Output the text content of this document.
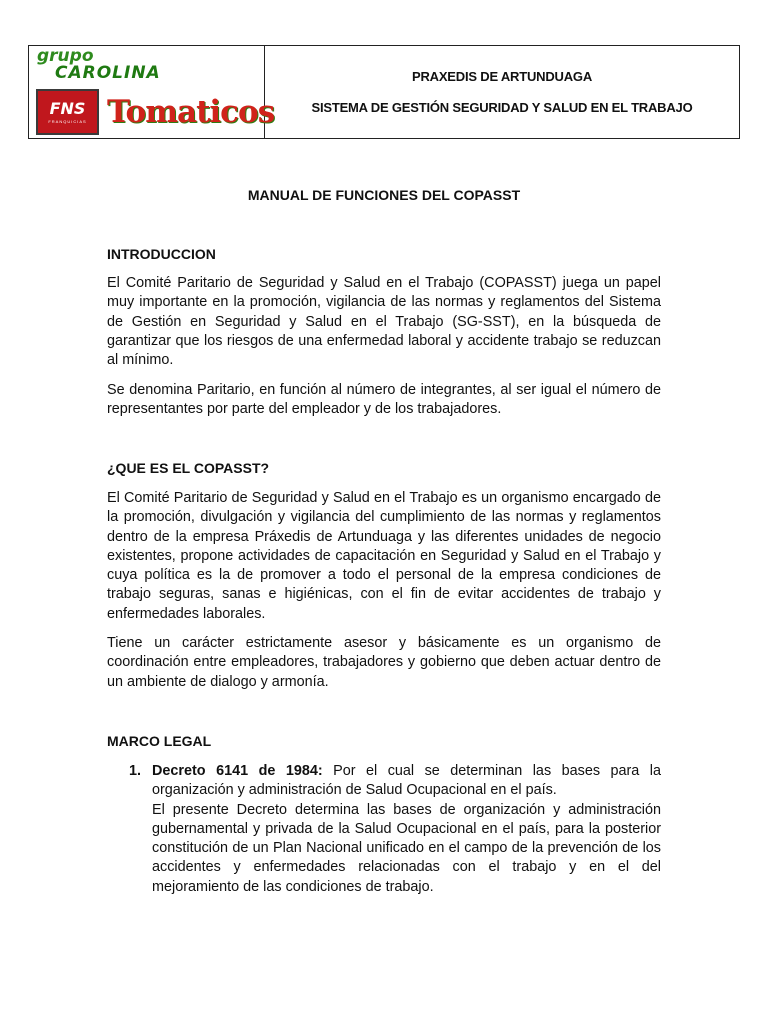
grupo
CAROLINA
FNS
FRANQUICIAS Tomaticos
PRAXEDIS DE ARTUNDUAGA
SISTEMA DE GESTIÓN SEGURIDAD Y SALUD EN EL TRABAJO
MANUAL DE FUNCIONES DEL COPASST
INTRODUCCION
El Comité Paritario de Seguridad y Salud en el Trabajo (COPASST) juega un papel muy importante en la promoción, vigilancia de las normas y reglamentos del Sistema de Gestión en Seguridad y Salud en el Trabajo (SG-SST), en la búsqueda de garantizar que los riesgos de una enfermedad laboral y accidente trabajo se reduzcan al mínimo.
Se denomina Paritario, en función al número de integrantes, al ser igual el número de representantes por parte del empleador y de los trabajadores.
¿QUE ES EL COPASST?
El Comité Paritario de Seguridad y Salud en el Trabajo es un organismo encargado de la promoción, divulgación y vigilancia del cumplimiento de las normas y reglamentos dentro de la empresa Práxedis de Artunduaga y las diferentes unidades de negocio existentes, propone actividades de capacitación en Seguridad y Salud en el Trabajo y cuya política es la de promover a todo el personal de la empresa condiciones de trabajo seguras, sanas e higiénicas, con el fin de evitar accidentes de trabajo y enfermedades laborales.
Tiene un carácter estrictamente asesor y básicamente es un organismo de coordinación entre empleadores, trabajadores y gobierno que deben actuar dentro de un ambiente de dialogo y armonía.
MARCO LEGAL
1. Decreto 6141 de 1984: Por el cual se determinan las bases para la organización y administración de Salud Ocupacional en el país.

El presente Decreto determina las bases de organización y administración gubernamental y privada de la Salud Ocupacional en el país, para la posterior constitución de un Plan Nacional unificado en el campo de la prevención de los accidentes y enfermedades relacionadas con el trabajo y en el del mejoramiento de las condiciones de trabajo.
